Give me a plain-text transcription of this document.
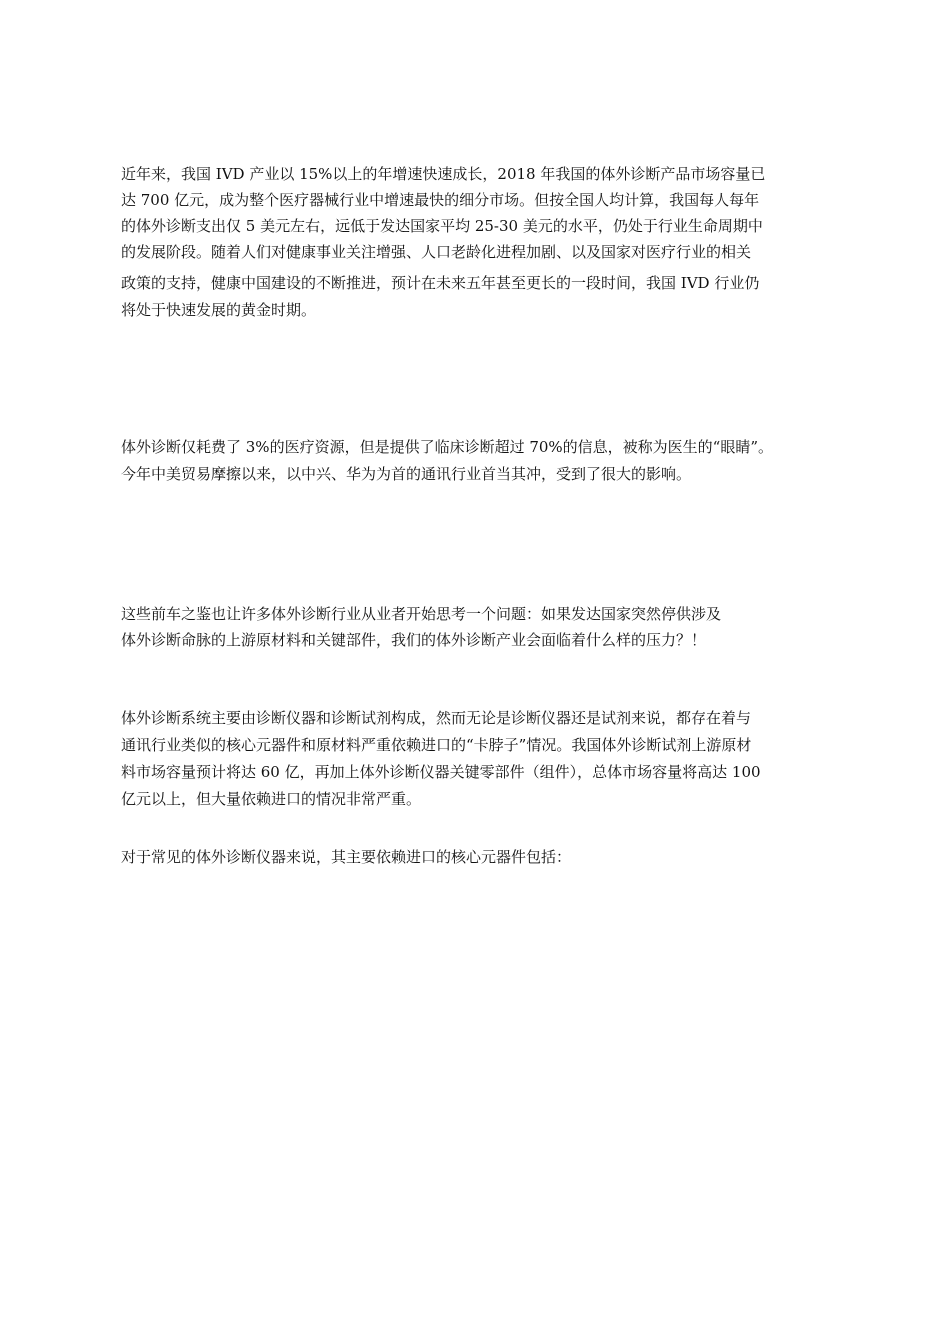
近年来，我国 IVD 产业以 15%以上的年增速快速成长，2018 年我国的体外诊断产品市场容量已
达 700 亿元，成为整个医疗器械行业中增速最快的细分市场。但按全国人均计算，我国每人每年
的体外诊断支出仅 5 美元左右，远低于发达国家平均 25-30 美元的水平，仍处于行业生命周期中
的发展阶段。随着人们对健康事业关注增强、人口老龄化进程加剧、以及国家对医疗行业的相关
政策的支持，健康中国建设的不断推进，预计在未来五年甚至更长的一段时间，我国 IVD 行业仍
将处于快速发展的黄金时期。
体外诊断仅耗费了 3%的医疗资源，但是提供了临床诊断超过 70%的信息，被称为医生的“眼睛”。
今年中美贸易摩擦以来，以中兴、华为为首的通讯行业首当其冲，受到了很大的影响。
这些前车之鉴也让许多体外诊断行业从业者开始思考一个问题：如果发达国家突然停供涉及
体外诊断命脉的上游原材料和关键部件，我们的体外诊断产业会面临着什么样的压力？！
体外诊断系统主要由诊断仪器和诊断试剂构成，然而无论是诊断仪器还是试剂来说，都存在着与
通讯行业类似的核心元器件和原材料严重依赖进口的“卡脖子”情况。我国体外诊断试剂上游原材
料市场容量预计将达 60 亿，再加上体外诊断仪器关键零部件（组件），总体市场容量将高达 100
亿元以上，但大量依赖进口的情况非常严重。
对于常见的体外诊断仪器来说，其主要依赖进口的核心元器件包括：
